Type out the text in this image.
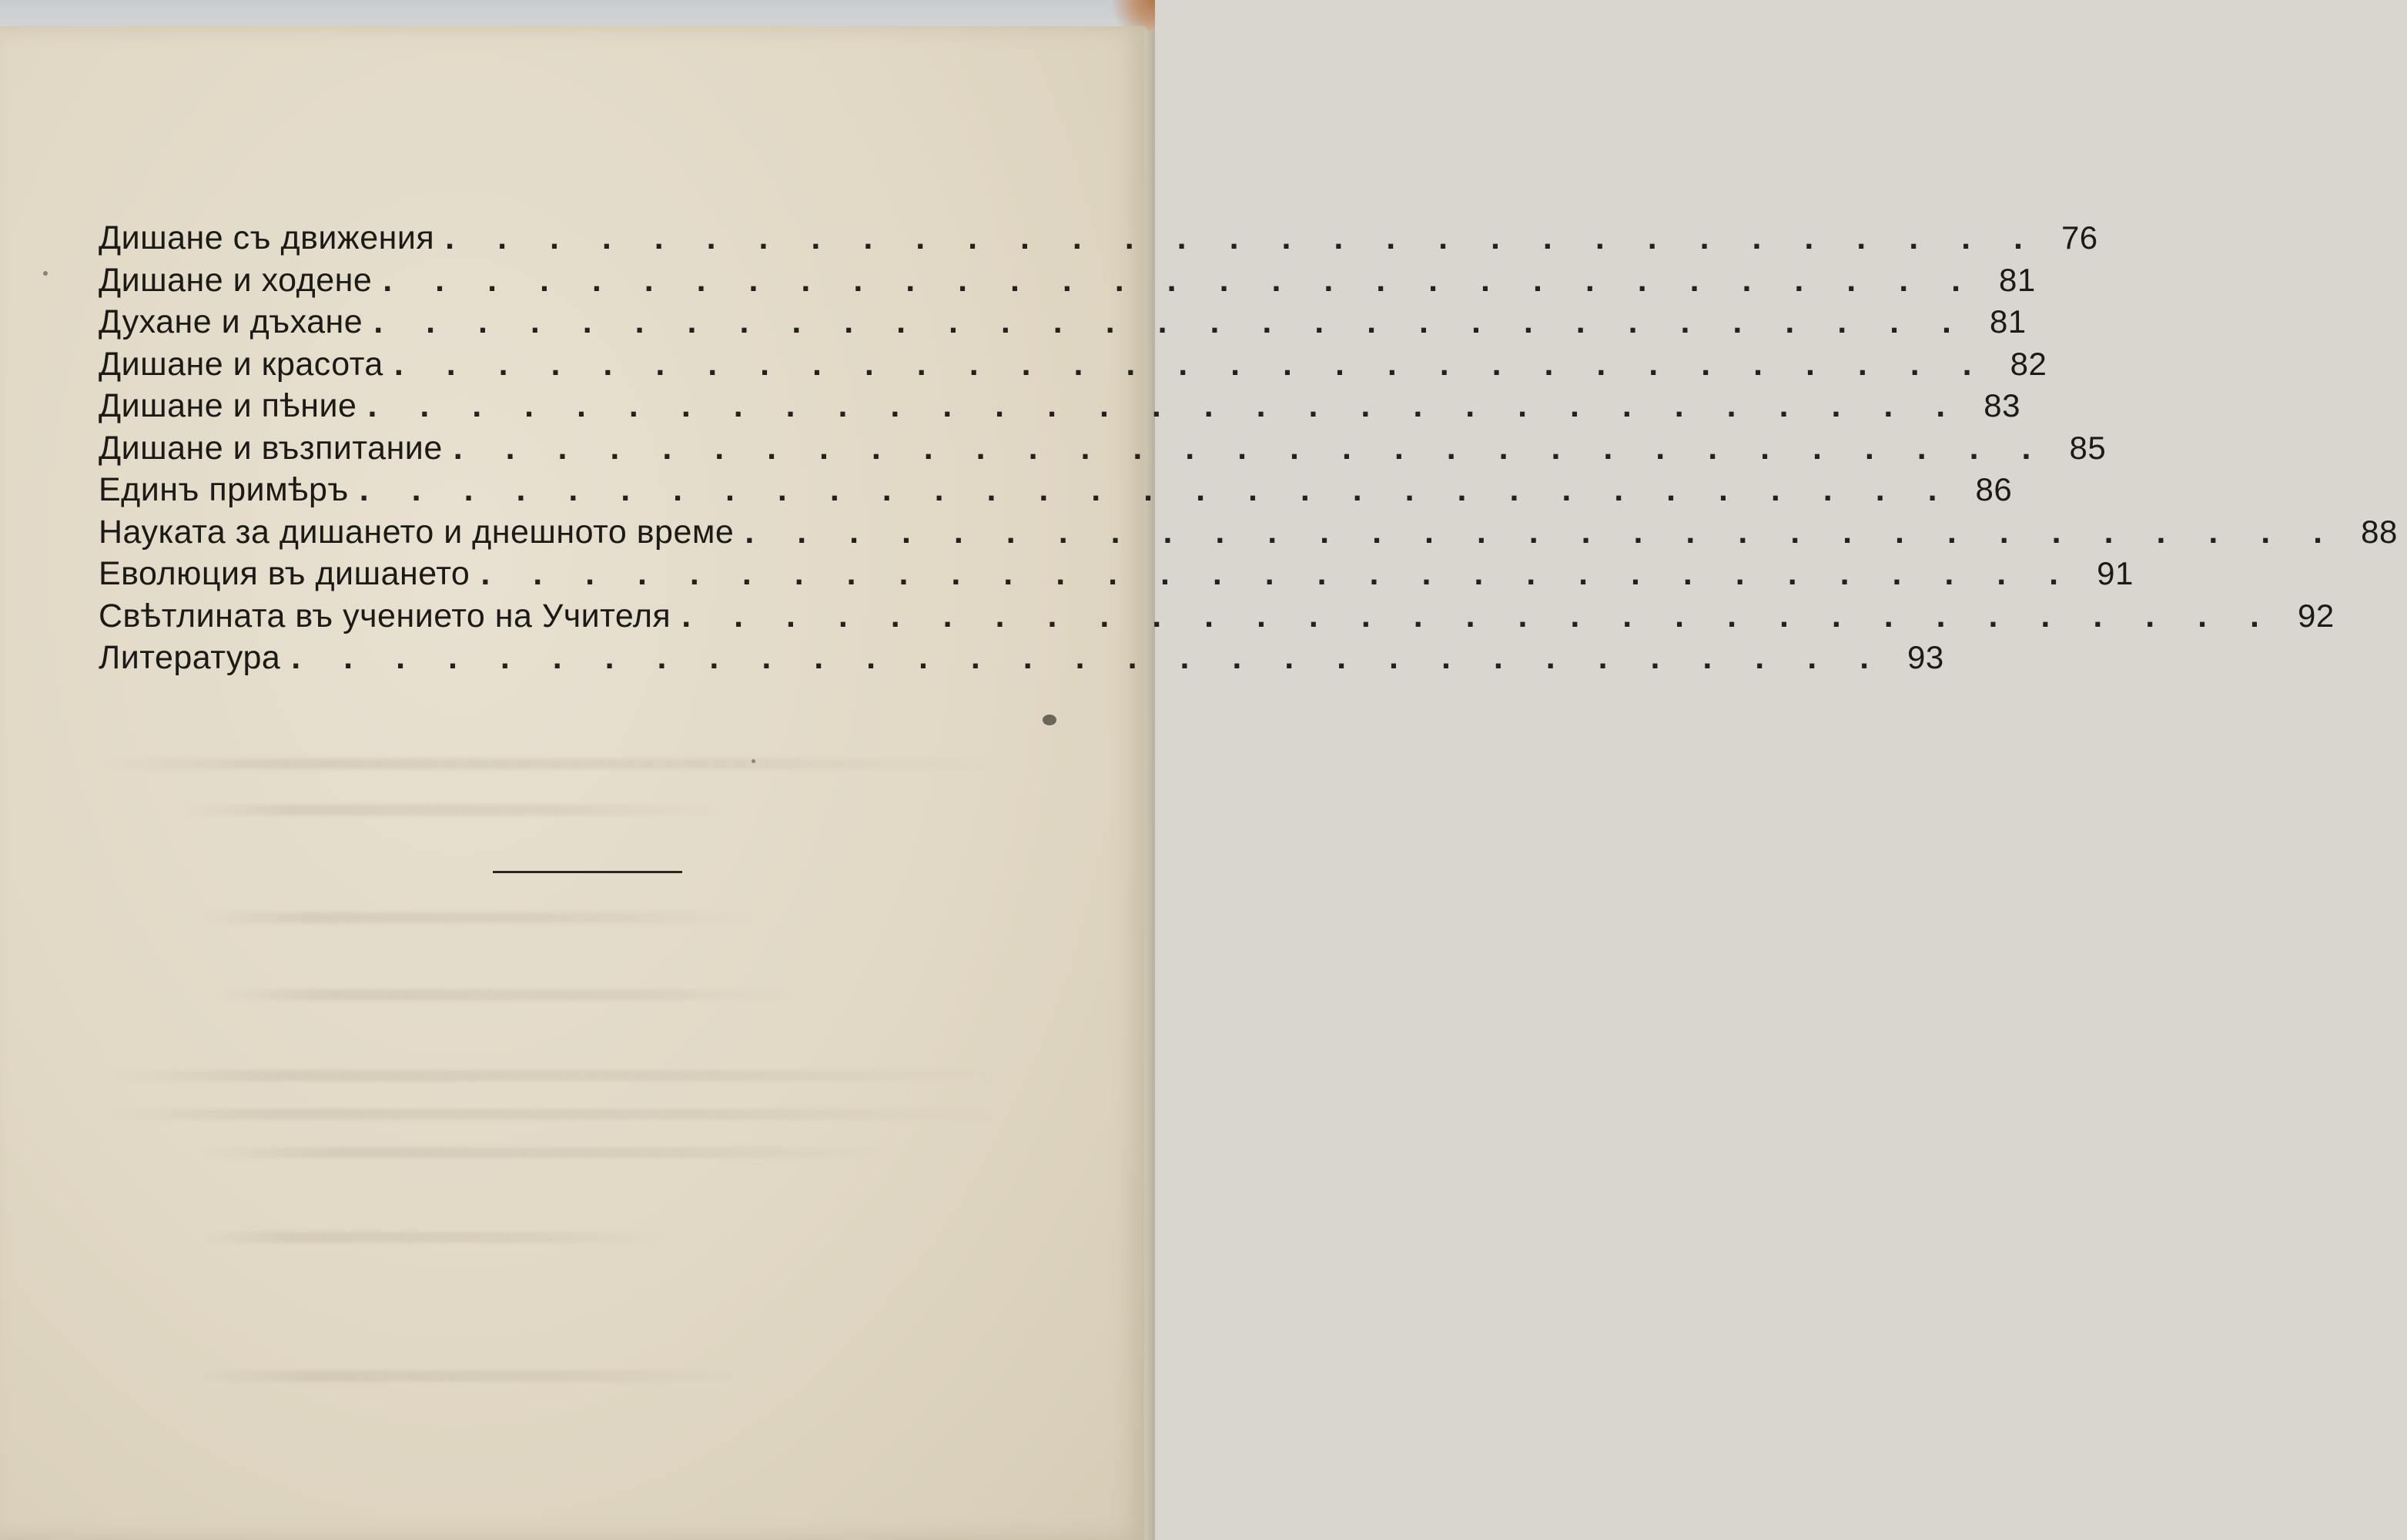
Дишане съ движения . . . . . . . . . . . . . . . . . . . . . . . . . . . . . . . 76
Дишане и ходене . . . . . . . . . . . . . . . . . . . . . . . . . . . . . . . 81
Духане и дъхане . . . . . . . . . . . . . . . . . . . . . . . . . . . . . . . 81
Дишане и красота . . . . . . . . . . . . . . . . . . . . . . . . . . . . . . . 82
Дишане и пѣние . . . . . . . . . . . . . . . . . . . . . . . . . . . . . . . 83
Дишане и възпитание . . . . . . . . . . . . . . . . . . . . . . . . . . . . . . . 85
Единъ примѣръ . . . . . . . . . . . . . . . . . . . . . . . . . . . . . . . 86
Науката за дишането и днешното време . . . . . . . . . . . . . . . . . . . . . . . . . . . . . . . 88
Еволюция въ дишането . . . . . . . . . . . . . . . . . . . . . . . . . . . . . . . 91
Свѣтлината въ учението на Учителя . . . . . . . . . . . . . . . . . . . . . . . . . . . . . . . 92
Литература . . . . . . . . . . . . . . . . . . . . . . . . . . . . . . . 93
